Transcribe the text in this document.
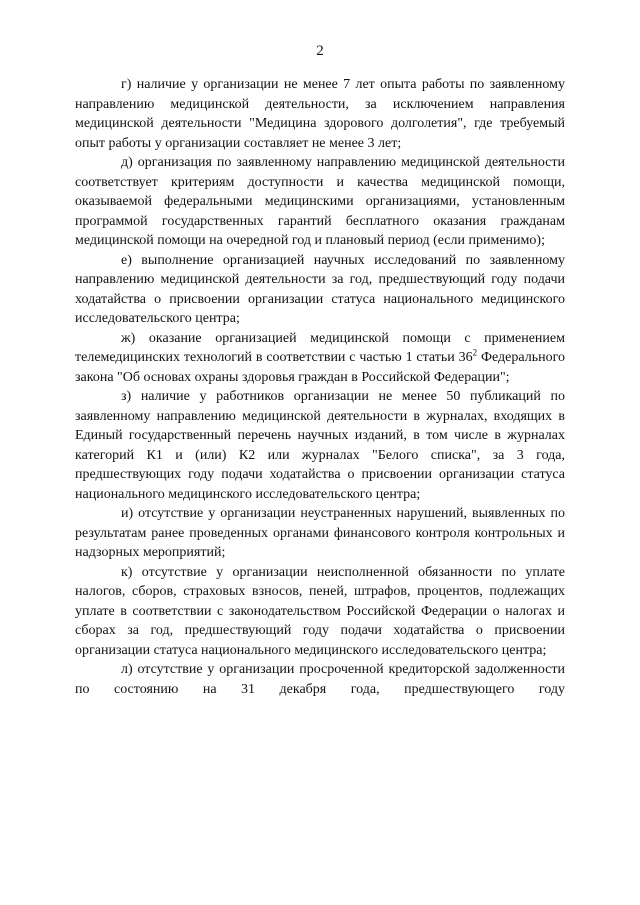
2

г) наличие у организации не менее 7 лет опыта работы по заявленному направлению медицинской деятельности, за исключением направления медицинской деятельности "Медицина здорового долголетия", где требуемый опыт работы у организации составляет не менее 3 лет;

д) организация по заявленному направлению медицинской деятельности соответствует критериям доступности и качества медицинской помощи, оказываемой федеральными медицинскими организациями, установленным программой государственных гарантий бесплатного оказания гражданам медицинской помощи на очередной год и плановый период (если применимо);

е) выполнение организацией научных исследований по заявленному направлению медицинской деятельности за год, предшествующий году подачи ходатайства о присвоении организации статуса национального медицинского исследовательского центра;

ж) оказание организацией медицинской помощи с применением телемедицинских технологий в соответствии с частью 1 статьи $36^2$ Федерального закона "Об основах охраны здоровья граждан в Российской Федерации";

з) наличие у работников организации не менее 50 публикаций по заявленному направлению медицинской деятельности в журналах, входящих в Единый государственный перечень научных изданий, в том числе в журналах категорий К1 и (или) К2 или журналах "Белого списка", за 3 года, предшествующих году подачи ходатайства о присвоении организации статуса национального медицинского исследовательского центра;

и) отсутствие у организации неустраненных нарушений, выявленных по результатам ранее проведенных органами финансового контроля контрольных и надзорных мероприятий;

к) отсутствие у организации неисполненной обязанности по уплате налогов, сборов, страховых взносов, пеней, штрафов, процентов, подлежащих уплате в соответствии с законодательством Российской Федерации о налогах и сборах за год, предшествующий году подачи ходатайства о присвоении организации статуса национального медицинского исследовательского центра;

л) отсутствие у организации просроченной кредиторской задолженности по состоянию на 31 декабря года, предшествующего году
